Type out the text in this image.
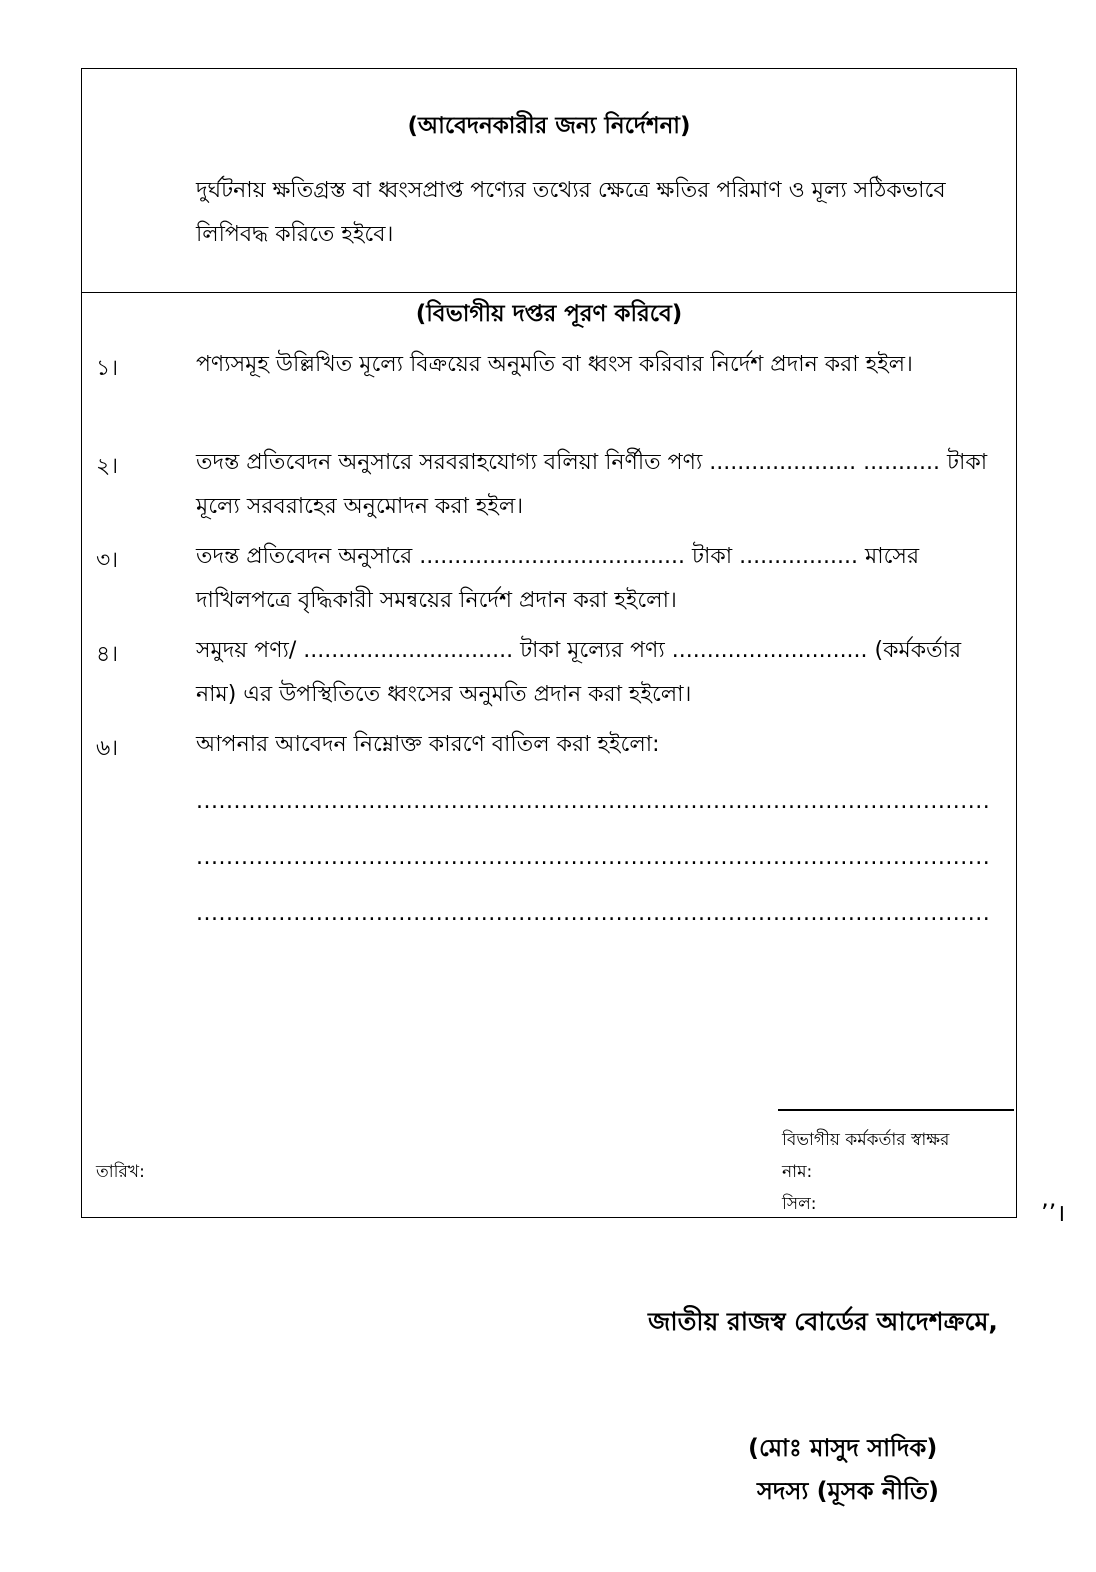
(আবেদনকারীর জন্য নির্দেশনা)
দুর্ঘটনায় ক্ষতিগ্রস্ত বা ধ্বংসপ্রাপ্ত পণ্যের তথ্যের ক্ষেত্রে ক্ষতির পরিমাণ ও মূল্য সঠিকভাবে লিপিবদ্ধ করিতে হইবে।
(বিভাগীয় দপ্তর পূরণ করিবে)
১।	পণ্যসমূহ উল্লিখিত মূল্যে বিক্রয়ের অনুমতি বা ধ্বংস করিবার নির্দেশ প্রদান করা হইল।
২।	তদন্ত প্রতিবেদন অনুসারে সরবরাহযোগ্য বলিয়া নির্ণীত পণ্য ..................... ........... টাকা মূল্যে সরবরাহের অনুমোদন করা হইল।
৩।	তদন্ত প্রতিবেদন অনুসারে ...................................... টাকা ................. মাসের দাখিলপত্রে বৃদ্ধিকারী সমন্বয়ের নির্দেশ প্রদান করা হইলো।
৪।	সমুদয় পণ্য/ .............................. টাকা মূল্যের পণ্য ............................ (কর্মকর্তার নাম) এর উপস্থিতিতে ধ্বংসের অনুমতি প্রদান করা হইলো।
৬।	আপনার আবেদন নিম্নোক্ত কারণে বাতিল করা হইলো:
..........................................................................................................
..........................................................................................................
..........................................................................................................
বিভাগীয় কর্মকর্তার স্বাক্ষর
তারিখ:	নাম:
সিল:	’’।
জাতীয় রাজস্ব বোর্ডের আদেশক্রমে,
(মোঃ মাসুদ সাদিক)
সদস্য (মূসক নীতি)
